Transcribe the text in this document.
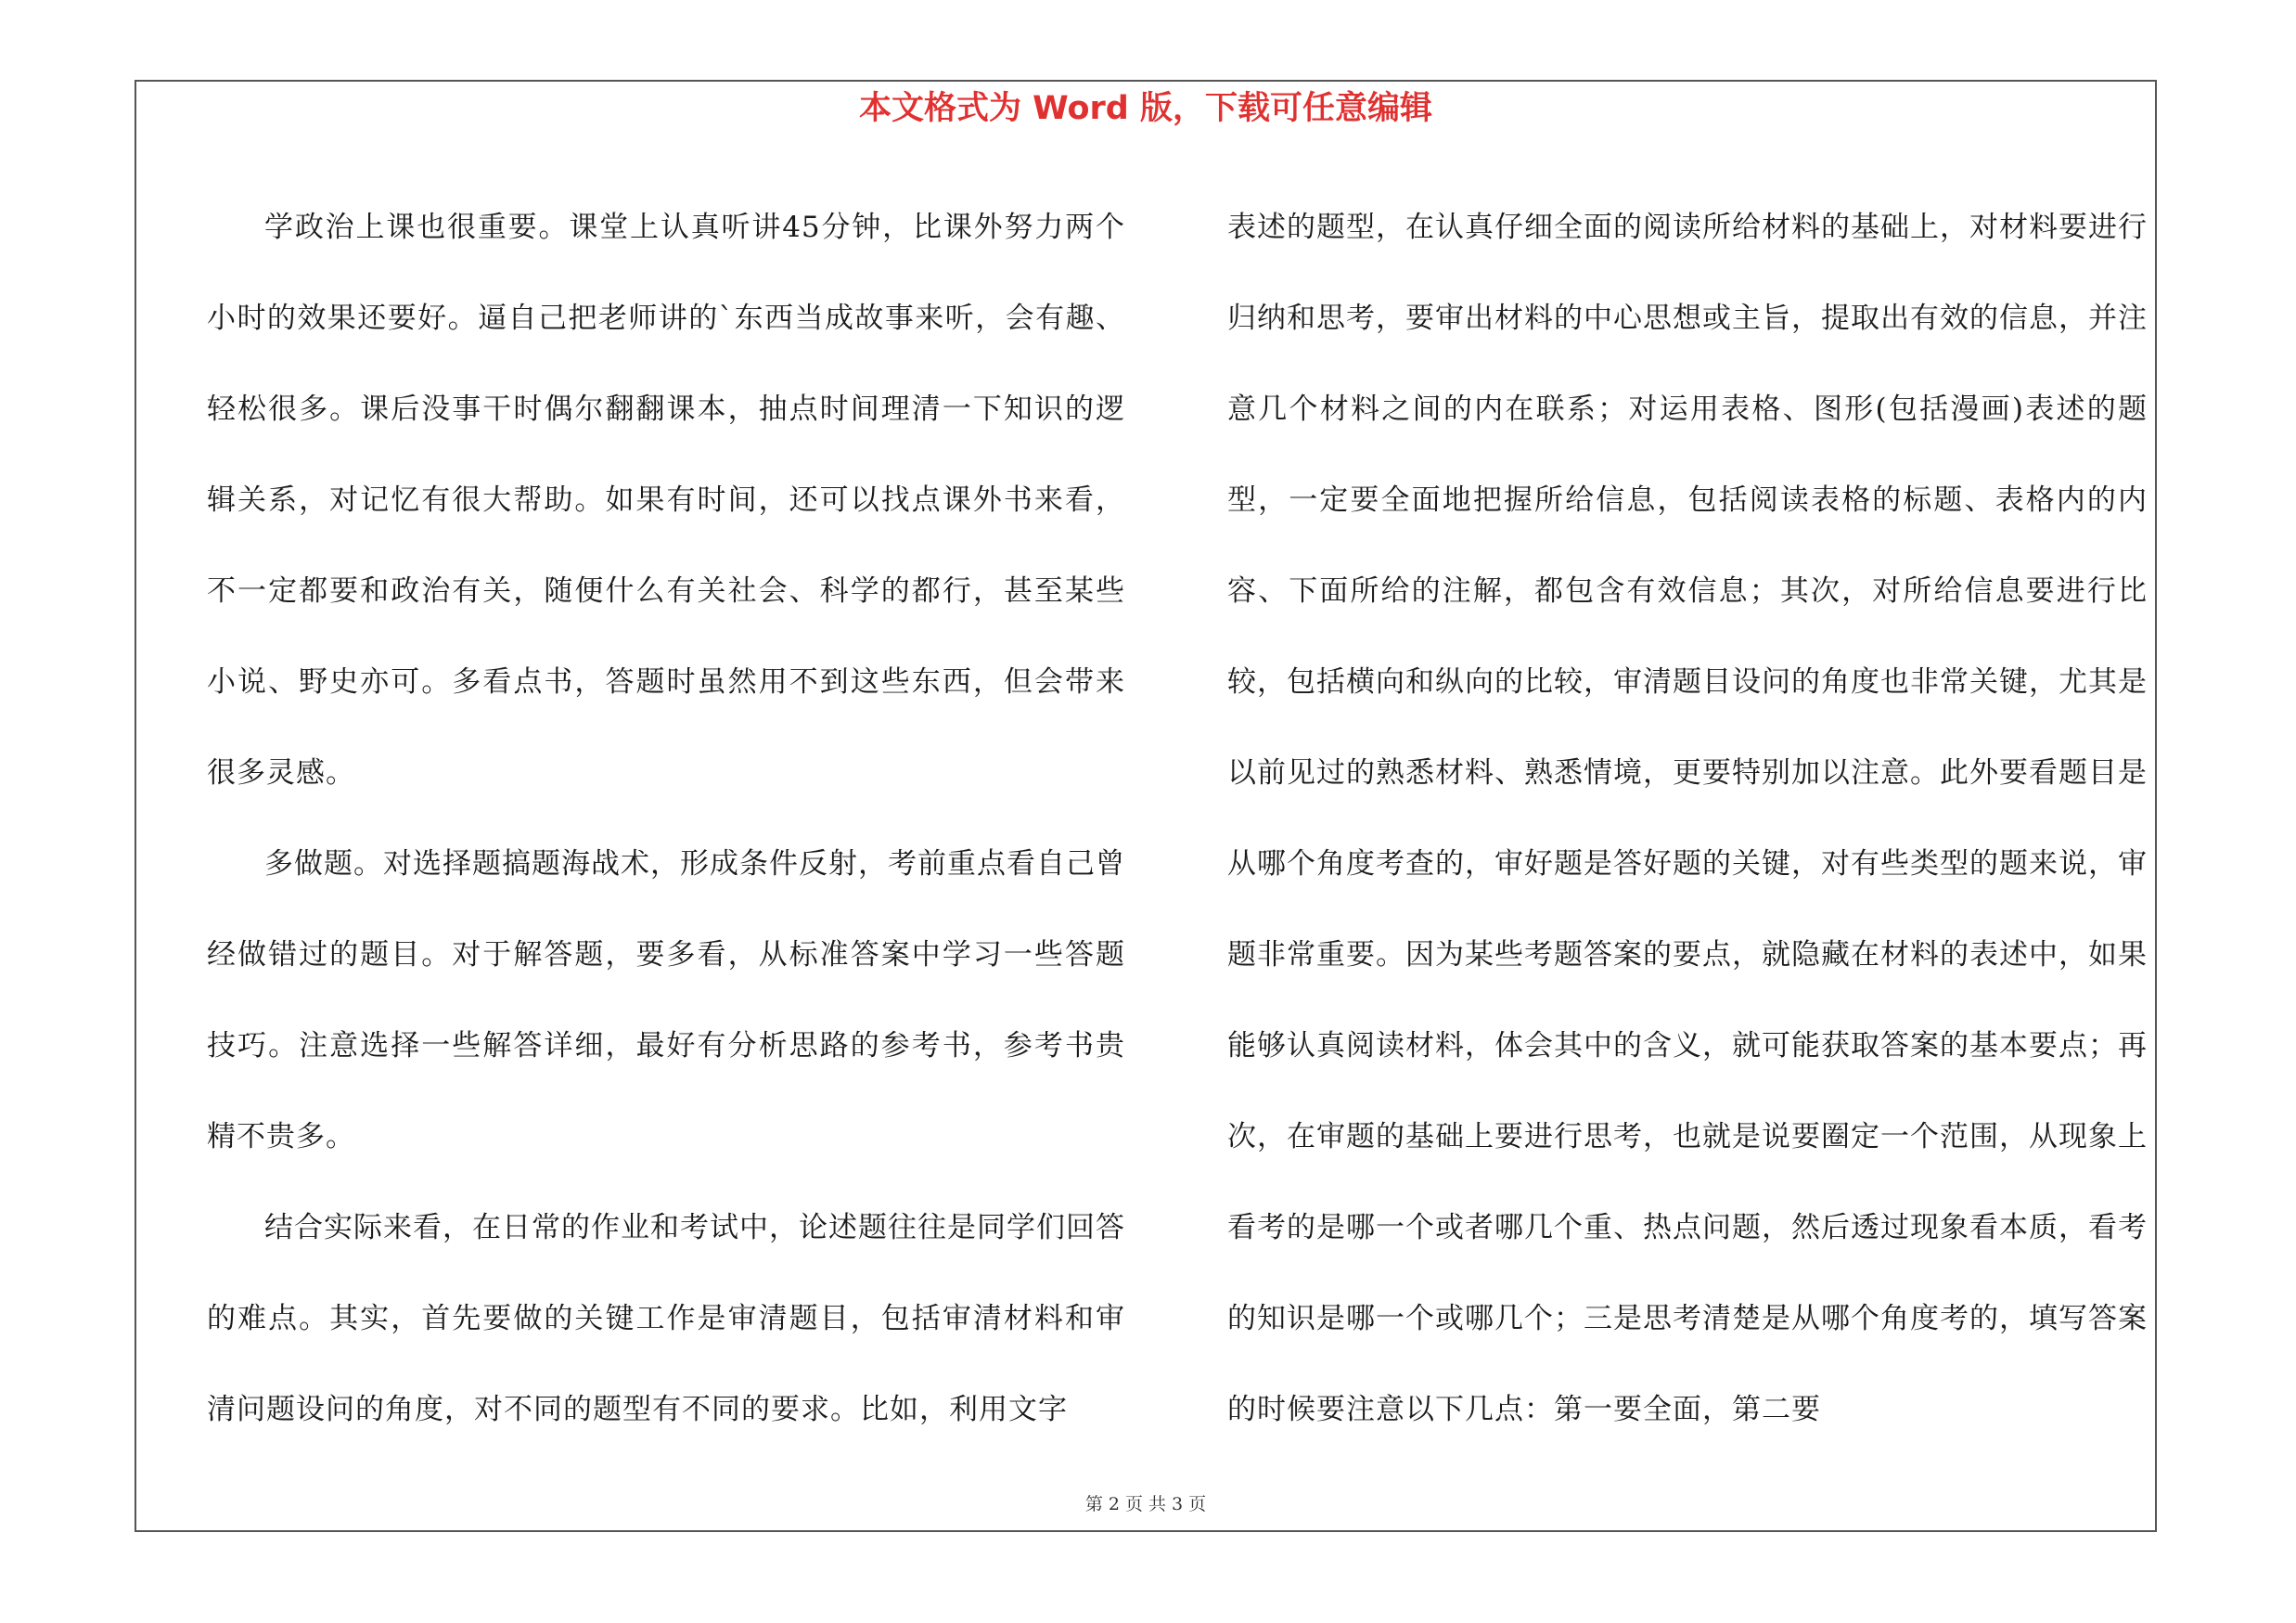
本文格式为 Word 版，下载可任意编辑

学政治上课也很重要。课堂上认真听讲45分钟，比课外努力两个小时的效果还要好。逼自己把老师讲的`东西当成故事来听，会有趣、轻松很多。课后没事干时偶尔翻翻课本，抽点时间理清一下知识的逻辑关系，对记忆有很大帮助。如果有时间，还可以找点课外书来看，不一定都要和政治有关，随便什么有关社会、科学的都行，甚至某些小说、野史亦可。多看点书，答题时虽然用不到这些东西，但会带来很多灵感。

多做题。对选择题搞题海战术，形成条件反射，考前重点看自己曾经做错过的题目。对于解答题，要多看，从标准答案中学习一些答题技巧。注意选择一些解答详细，最好有分析思路的参考书，参考书贵精不贵多。

结合实际来看，在日常的作业和考试中，论述题往往是同学们回答的难点。其实，首先要做的关键工作是审清题目，包括审清材料和审清问题设问的角度，对不同的题型有不同的要求。比如，利用文字

表述的题型，在认真仔细全面的阅读所给材料的基础上，对材料要进行归纳和思考，要审出材料的中心思想或主旨，提取出有效的信息，并注意几个材料之间的内在联系；对运用表格、图形(包括漫画)表述的题型，一定要全面地把握所给信息，包括阅读表格的标题、表格内的内容、下面所给的注解，都包含有效信息；其次，对所给信息要进行比较，包括横向和纵向的比较，审清题目设问的角度也非常关键，尤其是以前见过的熟悉材料、熟悉情境，更要特别加以注意。此外要看题目是从哪个角度考查的，审好题是答好题的关键，对有些类型的题来说，审题非常重要。因为某些考题答案的要点，就隐藏在材料的表述中，如果能够认真阅读材料，体会其中的含义，就可能获取答案的基本要点；再次，在审题的基础上要进行思考，也就是说要圈定一个范围，从现象上看考的是哪一个或者哪几个重、热点问题，然后透过现象看本质，看考的知识是哪一个或哪几个；三是思考清楚是从哪个角度考的，填写答案的时候要注意以下几点：第一要全面，第二要

第 2 页 共 3 页
